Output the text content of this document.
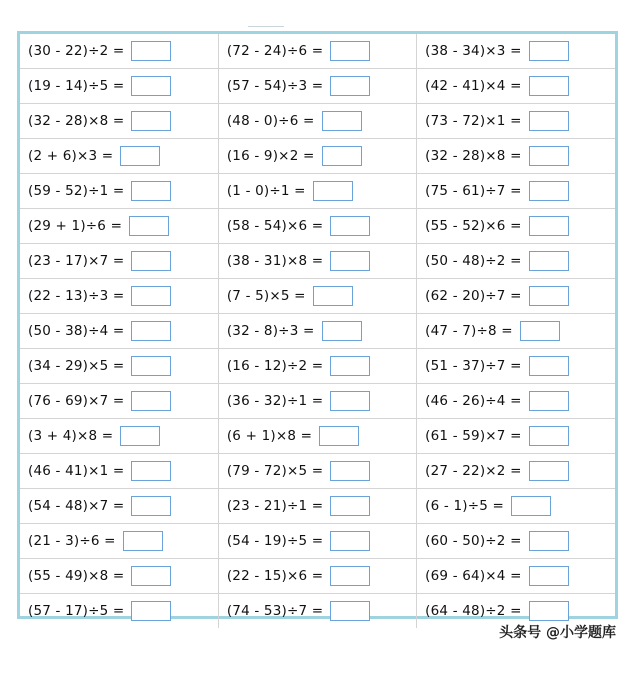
(30 - 22)÷2 =	(72 - 24)÷6 =	(38 - 34)×3 =
(19 - 14)÷5 =	(57 - 54)÷3 =	(42 - 41)×4 =
(32 - 28)×8 =	(48 - 0)÷6 =	(73 - 72)×1 =
(2 + 6)×3 =	(16 - 9)×2 =	(32 - 28)×8 =
(59 - 52)÷1 =	(1 - 0)÷1 =	(75 - 61)÷7 =
(29 + 1)÷6 =	(58 - 54)×6 =	(55 - 52)×6 =
(23 - 17)×7 =	(38 - 31)×8 =	(50 - 48)÷2 =
(22 - 13)÷3 =	(7 - 5)×5 =	(62 - 20)÷7 =
(50 - 38)÷4 =	(32 - 8)÷3 =	(47 - 7)÷8 =
(34 - 29)×5 =	(16 - 12)÷2 =	(51 - 37)÷7 =
(76 - 69)×7 =	(36 - 32)÷1 =	(46 - 26)÷4 =
(3 + 4)×8 =	(6 + 1)×8 =	(61 - 59)×7 =
(46 - 41)×1 =	(79 - 72)×5 =	(27 - 22)×2 =
(54 - 48)×7 =	(23 - 21)÷1 =	(6 - 1)÷5 =
(21 - 3)÷6 =	(54 - 19)÷5 =	(60 - 50)÷2 =
(55 - 49)×8 =	(22 - 15)×6 =	(69 - 64)×4 =
(57 - 17)÷5 =	(74 - 53)÷7 =	(64 - 48)÷2 =
头条号 @小学题库
